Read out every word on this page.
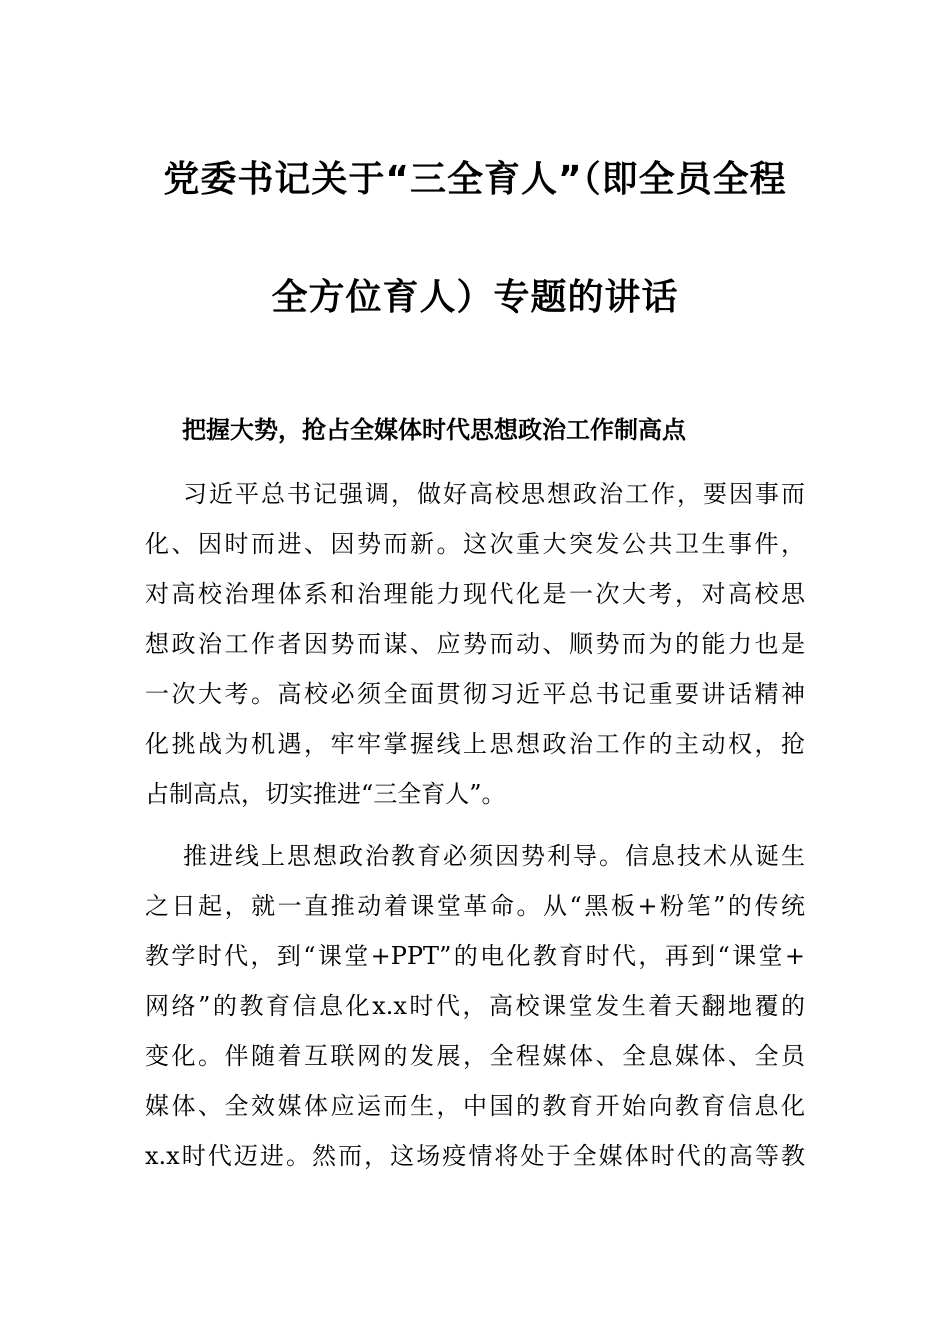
党委书记关于“三全育人”（即全员全程
全方位育人）专题的讲话
把握大势，抢占全媒体时代思想政治工作制高点
习近平总书记强调，做好高校思想政治工作，要因事而
化、因时而进、因势而新。这次重大突发公共卫生事件，
对高校治理体系和治理能力现代化是一次大考，对高校思
想政治工作者因势而谋、应势而动、顺势而为的能力也是
一次大考。高校必须全面贯彻习近平总书记重要讲话精神
化挑战为机遇，牢牢掌握线上思想政治工作的主动权，抢
占制高点，切实推进“三全育人”。
推进线上思想政治教育必须因势利导。信息技术从诞生
之日起，就一直推动着课堂革命。从“黑板+粉笔”的传统
教学时代，到“课堂+PPT”的电化教育时代，再到“课堂+
网络”的教育信息化x.x时代，高校课堂发生着天翻地覆的
变化。伴随着互联网的发展，全程媒体、全息媒体、全员
媒体、全效媒体应运而生，中国的教育开始向教育信息化
x.x时代迈进。然而，这场疫情将处于全媒体时代的高等教
